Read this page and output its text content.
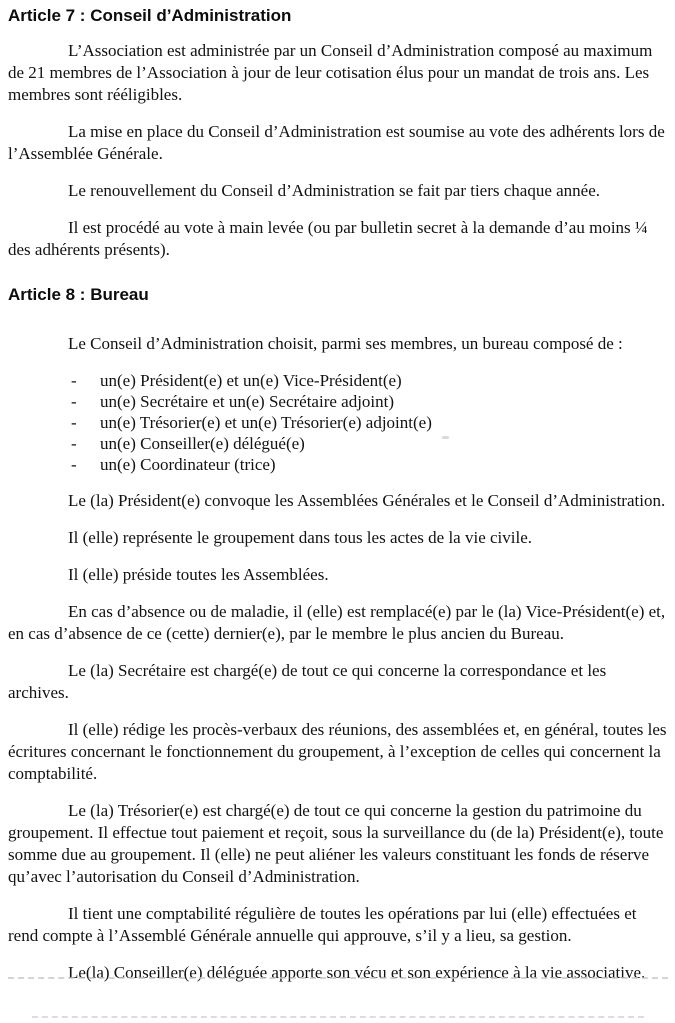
Article 7 : Conseil d’Administration

L’Association est administrée par un Conseil d’Administration composé au maximum de 21 membres de l’Association à jour de leur cotisation élus pour un mandat de trois ans. Les membres sont rééligibles.

La mise en place du Conseil d’Administration est soumise au vote des adhérents lors de l’Assemblée Générale.

Le renouvellement du Conseil d’Administration se fait par tiers chaque année.

Il est procédé au vote à main levée (ou par bulletin secret à la demande d’au moins ¼ des adhérents présents).

Article 8 : Bureau

Le Conseil d’Administration choisit, parmi ses membres, un bureau composé de :

-	un(e) Président(e) et un(e) Vice-Président(e)
-	un(e) Secrétaire et un(e) Secrétaire adjoint)
-	un(e) Trésorier(e) et un(e) Trésorier(e) adjoint(e)
-	un(e) Conseiller(e) délégué(e)
-	un(e) Coordinateur (trice)

Le (la) Président(e) convoque les Assemblées Générales et le Conseil d’Administration.

Il (elle) représente le groupement dans tous les actes de la vie civile.

Il (elle) préside toutes les Assemblées.

En cas d’absence ou de maladie, il (elle) est remplacé(e) par le (la) Vice-Président(e) et, en cas d’absence de ce (cette) dernier(e), par le membre le plus ancien du Bureau.

Le (la) Secrétaire est chargé(e) de tout ce qui concerne la correspondance et les archives.

Il (elle) rédige les procès-verbaux des réunions, des assemblées et, en général, toutes les écritures concernant le fonctionnement du groupement, à l’exception de celles qui concernent la comptabilité.

Le (la) Trésorier(e) est chargé(e) de tout ce qui concerne la gestion du patrimoine du groupement. Il effectue tout paiement et reçoit, sous la surveillance du (de la) Président(e), toute somme due au groupement. Il (elle) ne peut aliéner les valeurs constituant les fonds de réserve qu’avec l’autorisation du Conseil d’Administration.

Il tient une comptabilité régulière de toutes les opérations par lui (elle) effectuées et rend compte à l’Assemblé Générale annuelle qui approuve, s’il y a lieu, sa gestion.

Le(la) Conseiller(e) déléguée apporte son vécu et son expérience à la vie associative.
